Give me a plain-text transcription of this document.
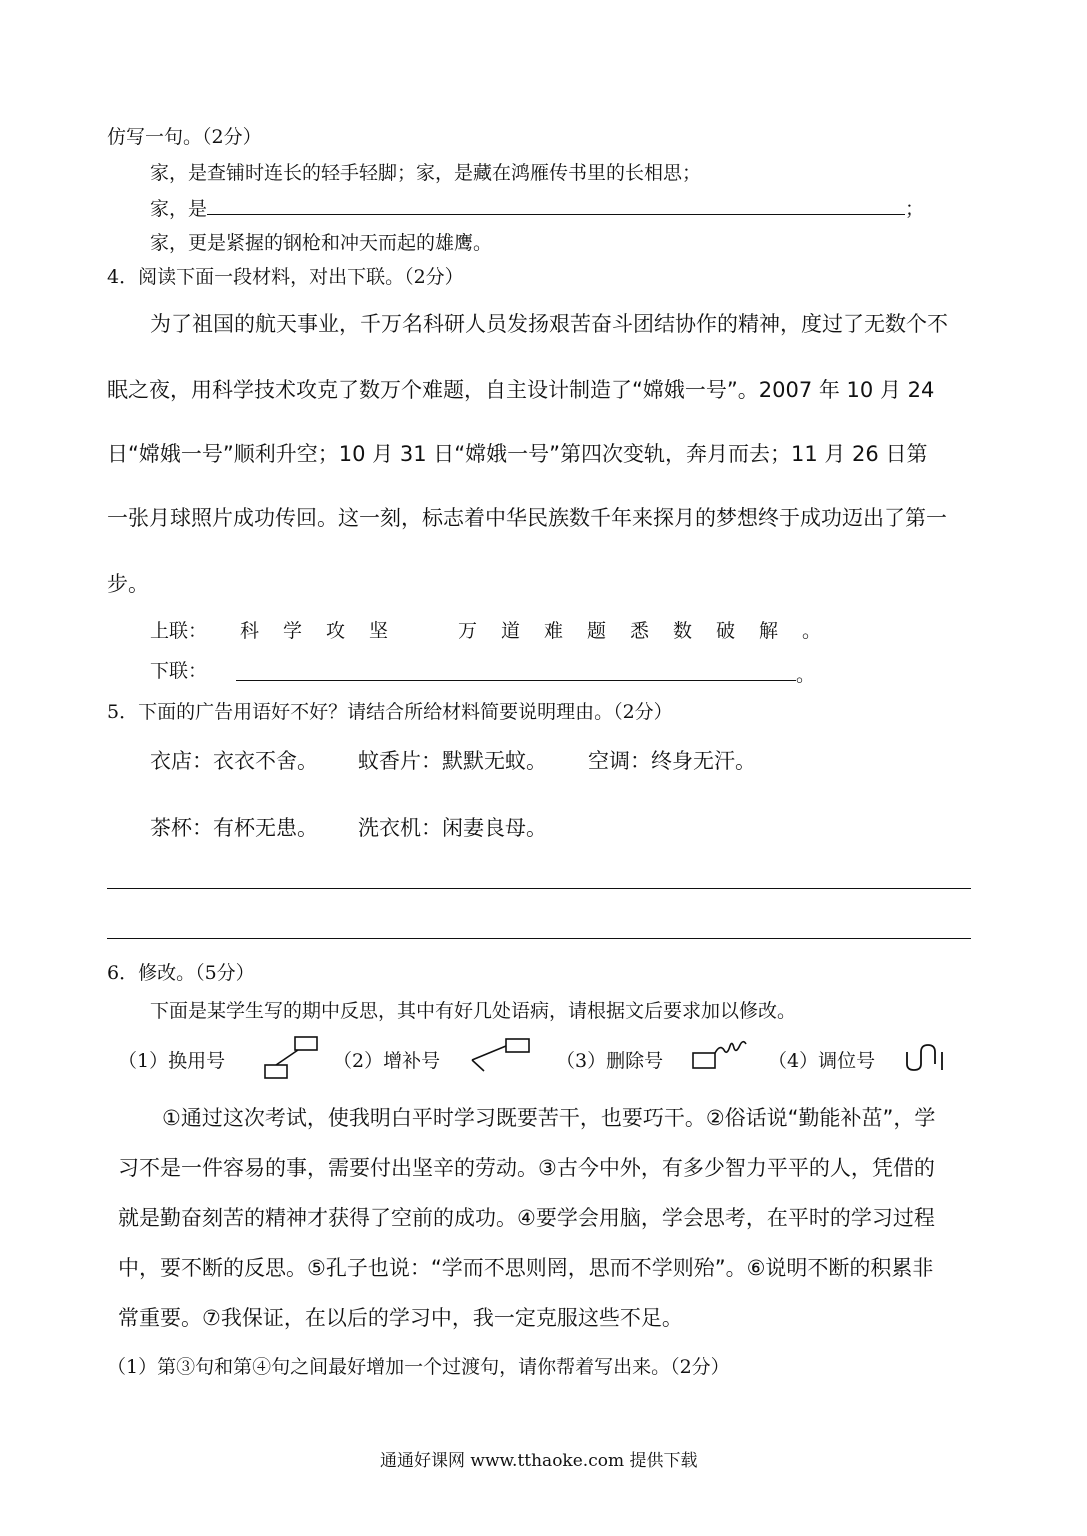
仿写一句。（2分）
家，是查铺时连长的轻手轻脚；家，是藏在鸿雁传书里的长相思；
家，是	；
家，更是紧握的钢枪和冲天而起的雄鹰。
4．阅读下面一段材料，对出下联。（2分）
为了祖国的航天事业，千万名科研人员发扬艰苦奋斗团结协作的精神，度过了无数个不
眠之夜，用科学技术攻克了数万个难题，自主设计制造了“嫦娥一号”。2007 年 10 月 24
日“嫦娥一号”顺利升空；10 月 31 日“嫦娥一号”第四次变轨，奔月而去；11 月 26 日第
一张月球照片成功传回。这一刻，标志着中华民族数千年来探月的梦想终于成功迈出了第一
步。
上联： 科学攻坚 万道难题悉数破解。
下联：	。
5．下面的广告用语好不好？请结合所给材料简要说明理由。（2分）
衣店：衣衣不舍。 蚊香片：默默无蚊。 空调：终身无汗。
茶杯：有杯无患。 洗衣机：闲妻良母。
6．修改。（5分）
下面是某学生写的期中反思，其中有好几处语病，请根据文后要求加以修改。
（1）换用号	（2）增补号	（3）删除号	（4）调位号
①通过这次考试，使我明白平时学习既要苦干，也要巧干。②俗话说“勤能补茁”，学
习不是一件容易的事，需要付出坚辛的劳动。③古今中外，有多少智力平平的人，凭借的
就是勤奋刻苦的精神才获得了空前的成功。④要学会用脑，学会思考，在平时的学习过程
中，要不断的反思。⑤孔子也说：“学而不思则罔，思而不学则殆”。⑥说明不断的积累非
常重要。⑦我保证，在以后的学习中，我一定克服这些不足。
（1）第③句和第④句之间最好增加一个过渡句，请你帮着写出来。（2分）
通通好课网 www.tthaoke.com 提供下载
